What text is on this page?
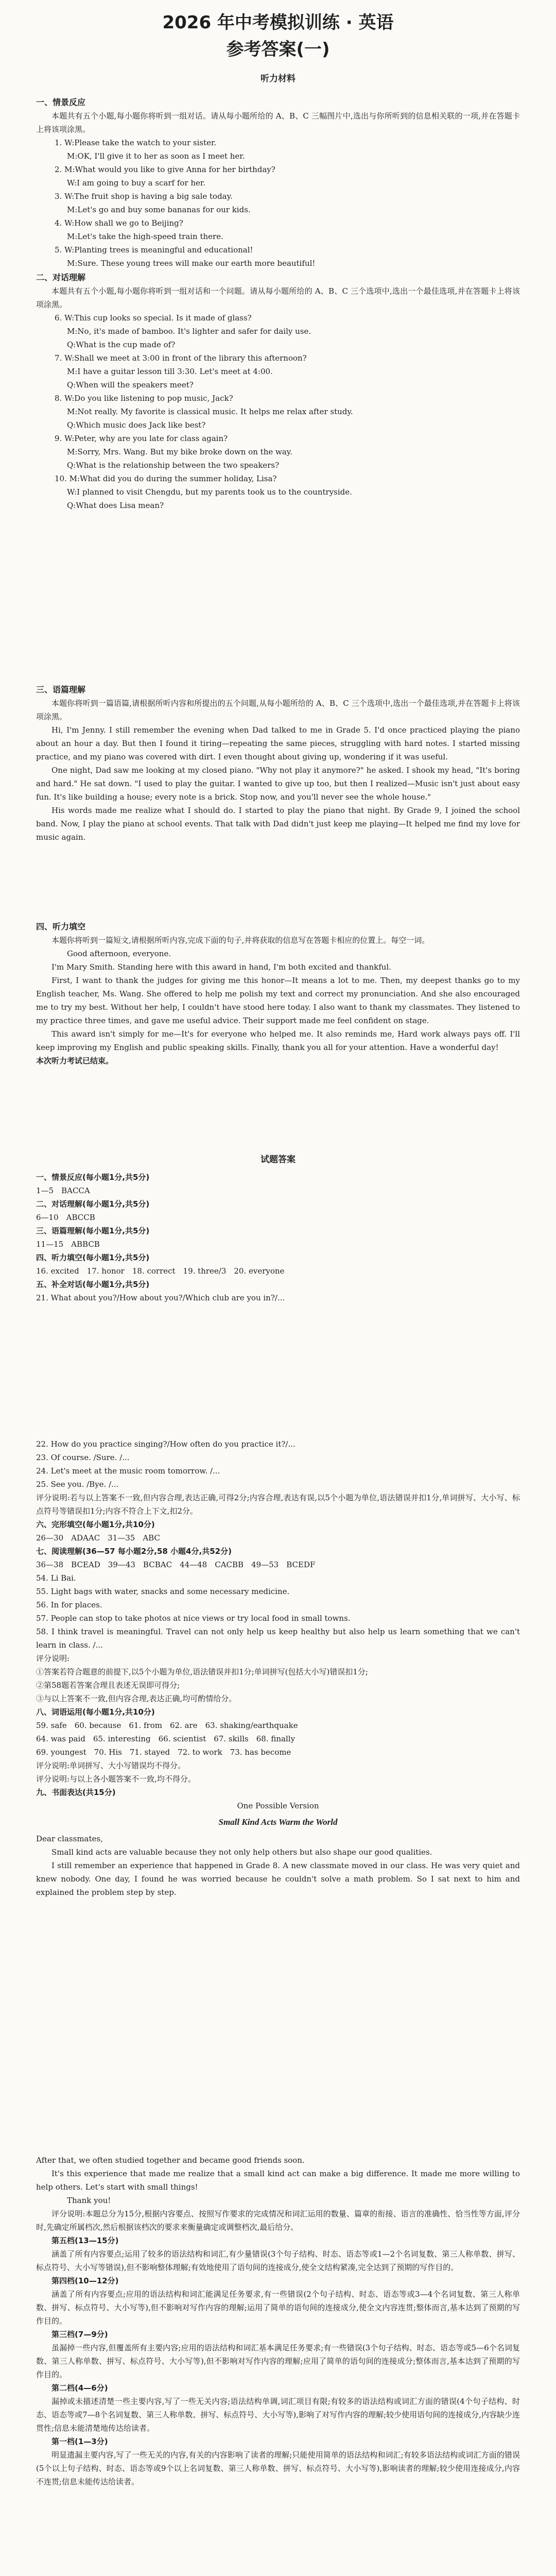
2026 年中考模拟训练 · 英语
参考答案(一)
听力材料
一、情景反应

本题共有五个小题,每小题你将听到一组对话。请从每小题所给的 A、B、C 三幅图片中,选出与你所听到的信息相关联的一项,并在答题卡上将该项涂黑。

1. W:Please take the watch to your sister.

M:OK, I'll give it to her as soon as I meet her.

2. M:What would you like to give Anna for her birthday?

W:I am going to buy a scarf for her.

3. W:The fruit shop is having a big sale today.

M:Let's go and buy some bananas for our kids.

4. W:How shall we go to Beijing?

M:Let's take the high-speed train there.

5. W:Planting trees is meaningful and educational!

M:Sure. These young trees will make our earth more beautiful!

二、对话理解

本题共有五个小题,每小题你将听到一组对话和一个问题。请从每小题所给的 A、B、C 三个选项中,选出一个最佳选项,并在答题卡上将该项涂黑。

6. W:This cup looks so special. Is it made of glass?

M:No, it's made of bamboo. It's lighter and safer for daily use.

Q:What is the cup made of?

7. W:Shall we meet at 3:00 in front of the library this afternoon?

M:I have a guitar lesson till 3:30. Let's meet at 4:00.

Q:When will the speakers meet?

8. W:Do you like listening to pop music, Jack?

M:Not really. My favorite is classical music. It helps me relax after study.

Q:Which music does Jack like best?

9. W:Peter, why are you late for class again?

M:Sorry, Mrs. Wang. But my bike broke down on the way.

Q:What is the relationship between the two speakers?

10. M:What did you do during the summer holiday, Lisa?

W:I planned to visit Chengdu, but my parents took us to the countryside.

Q:What does Lisa mean?

三、语篇理解

本题你将听到一篇语篇,请根据所听内容和所提出的五个问题,从每小题所给的 A、B、C 三个选项中,选出一个最佳选项,并在答题卡上将该项涂黑。

Hi, I'm Jenny. I still remember the evening when Dad talked to me in Grade 5. I'd once practiced playing the piano about an hour a day. But then I found it tiring—repeating the same pieces, struggling with hard notes. I started missing practice, and my piano was covered with dirt. I even thought about giving up, wondering if it was useful.

One night, Dad saw me looking at my closed piano. "Why not play it anymore?" he asked. I shook my head, "It's boring and hard." He sat down. "I used to play the guitar. I wanted to give up too, but then I realized—Music isn't just about easy fun. It's like building a house; every note is a brick. Stop now, and you'll never see the whole house."

His words made me realize what I should do. I started to play the piano that night. By Grade 9, I joined the school band. Now, I play the piano at school events. That talk with Dad didn't just keep me playing—It helped me find my love for music again.

四、听力填空

本题你将听到一篇短文,请根据所听内容,完成下面的句子,并将获取的信息写在答题卡相应的位置上。每空一词。

Good afternoon, everyone.

I'm Mary Smith. Standing here with this award in hand, I'm both excited and thankful.

First, I want to thank the judges for giving me this honor—It means a lot to me. Then, my deepest thanks go to my English teacher, Ms. Wang. She offered to help me polish my text and correct my pronunciation. And she also encouraged me to try my best. Without her help, I couldn't have stood here today. I also want to thank my classmates. They listened to my practice three times, and gave me useful advice. Their support made me feel confident on stage.

This award isn't simply for me—It's for everyone who helped me. It also reminds me, Hard work always pays off. I'll keep improving my English and public speaking skills. Finally, thank you all for your attention. Have a wonderful day!

本次听力考试已结束。

试题答案

一、情景反应(每小题1分,共5分)

1—5　BACCA

二、对话理解(每小题1分,共5分)

6—10　ABCCB

三、语篇理解(每小题1分,共5分)

11—15　ABBCB

四、听力填空(每小题1分,共5分)

16. excited　17. honor　18. correct　19. three/3　20. everyone

五、补全对话(每小题1分,共5分)

21. What about you?/How about you?/Which club are you in?/...

22. How do you practice singing?/How often do you practice it?/...

23. Of course. /Sure. /...

24. Let's meet at the music room tomorrow. /...

25. See you. /Bye. /...

评分说明:若与以上答案不一致,但内容合理,表达正确,可得2分;内容合理,表达有误,以5个小题为单位,语法错误并扣1分,单词拼写、大小写、标点符号等错误扣1分;内容不符合上下文,扣2分。

六、完形填空(每小题1分,共10分)

26—30　ADAAC　31—35　ABC

七、阅读理解(36—57 每小题2分,58 小题4分,共52分)

36—38　BCEAD　39—43　BCBAC　44—48　CACBB　49—53　BCEDF

54. Li Bai.

55. Light bags with water, snacks and some necessary medicine.

56. In for places.

57. People can stop to take photos at nice views or try local food in small towns.

58. I think travel is meaningful. Travel can not only help us keep healthy but also help us learn something that we can't learn in class. /...

评分说明:

①答案若符合题意的前提下,以5个小题为单位,语法错误并扣1分;单词拼写(包括大小写)错误扣1分;

②第58题若答案合理且表述无误即可得分;

③与以上答案不一致,但内容合理,表达正确,均可酌情给分。

八、词语运用(每小题1分,共10分)

59. safe　60. because　61. from　62. are　63. shaking/earthquake

64. was paid　65. interesting　66. scientist　67. skills　68. finally

69. youngest　70. His　71. stayed　72. to work　73. has become

评分说明:单词拼写、大小写错误均不得分。

评分说明:与以上各小题答案不一致,均不得分。

九、书面表达(共15分)

One Possible Version

Small Kind Acts Warm the World

Dear classmates,

Small kind acts are valuable because they not only help others but also shape our good qualities.

I still remember an experience that happened in Grade 8. A new classmate moved in our class. He was very quiet and knew nobody. One day, I found he was worried because he couldn't solve a math problem. So I sat next to him and explained the problem step by step.

After that, we often studied together and became good friends soon.

It's this experience that made me realize that a small kind act can make a big difference. It made me more willing to help others. Let's start with small things!

Thank you!

评分说明:本题总分为15分,根据内容要点、按照写作要求的完成情况和词汇运用的数量、篇章的衔接、语言的准确性、恰当性等方面,评分时,先确定所属档次,然后根据该档次的要求来衡量确定或调整档次,最后给分。

第五档(13—15分)

涵盖了所有内容要点;运用了较多的语法结构和词汇,有少量错误(3个句子结构、时态、语态等或1—2个名词复数、第三人称单数、拼写、标点符号、大小写等错误),但不影响整体理解;有效地使用了语句间的连接成分,使全文结构紧凑,完全达到了预期的写作目的。

第四档(10—12分)

涵盖了所有内容要点;应用的语法结构和词汇能满足任务要求,有一些错误(2个句子结构、时态、语态等或3—4个名词复数、第三人称单数、拼写、标点符号、大小写等),但不影响对写作内容的理解;运用了简单的语句间的连接成分,使全文内容连贯;整体而言,基本达到了预期的写作目的。

第三档(7—9分)

虽漏掉一些内容,但覆盖所有主要内容;应用的语法结构和词汇基本满足任务要求;有一些错误(3个句子结构、时态、语态等或5—6个名词复数、第三人称单数、拼写、标点符号、大小写等),但不影响对写作内容的理解;应用了简单的语句间的连接成分;整体而言,基本达到了预期的写作目的。

第二档(4—6分)

漏掉或未描述清楚一些主要内容,写了一些无关内容;语法结构单调,词汇项目有限;有较多的语法结构或词汇方面的错误(4个句子结构、时态、语态等或7—8个名词复数、第三人称单数、拼写、标点符号、大小写等),影响了对写作内容的理解;较少使用语句间的连接成分,内容缺少连贯性;信息未能清楚地传达给读者。

第一档(1—3分)

明显遗漏主要内容,写了一些无关的内容,有关的内容影响了读者的理解;只能使用简单的语法结构和词汇;有较多语法结构或词汇方面的错误(5个以上句子结构、时态、语态等或9个以上名词复数、第三人称单数、拼写、标点符号、大小写等),影响读者的理解;较少使用连接成分,内容不连贯;信息未能传达给读者。
